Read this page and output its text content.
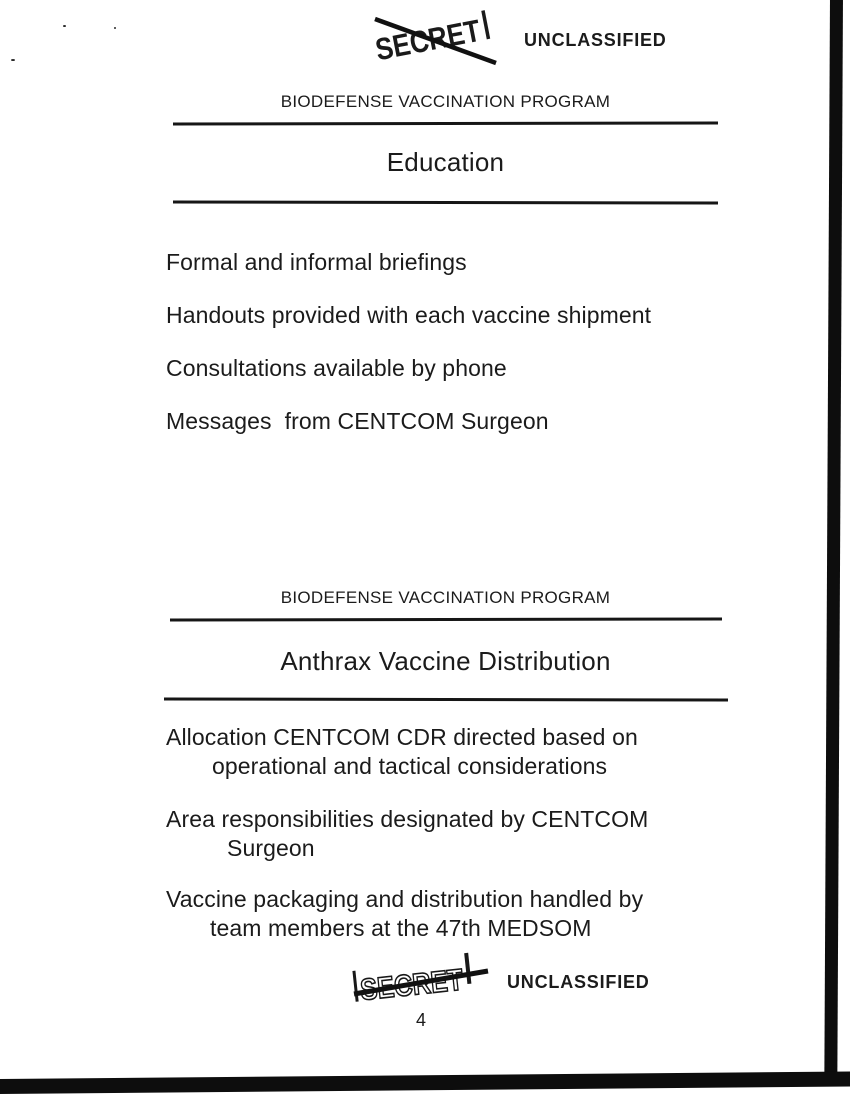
SECRET UNCLASSIFIED
BIODEFENSE VACCINATION PROGRAM
Education
Formal and informal briefings
Handouts provided with each vaccine shipment
Consultations available by phone
Messages  from CENTCOM Surgeon
BIODEFENSE VACCINATION PROGRAM
Anthrax Vaccine Distribution
Allocation CENTCOM CDR directed based on
operational and tactical considerations
Area responsibilities designated by CENTCOM
Surgeon
Vaccine packaging and distribution handled by
team members at the 47th MEDSOM
UNCLASSIFIED
4
